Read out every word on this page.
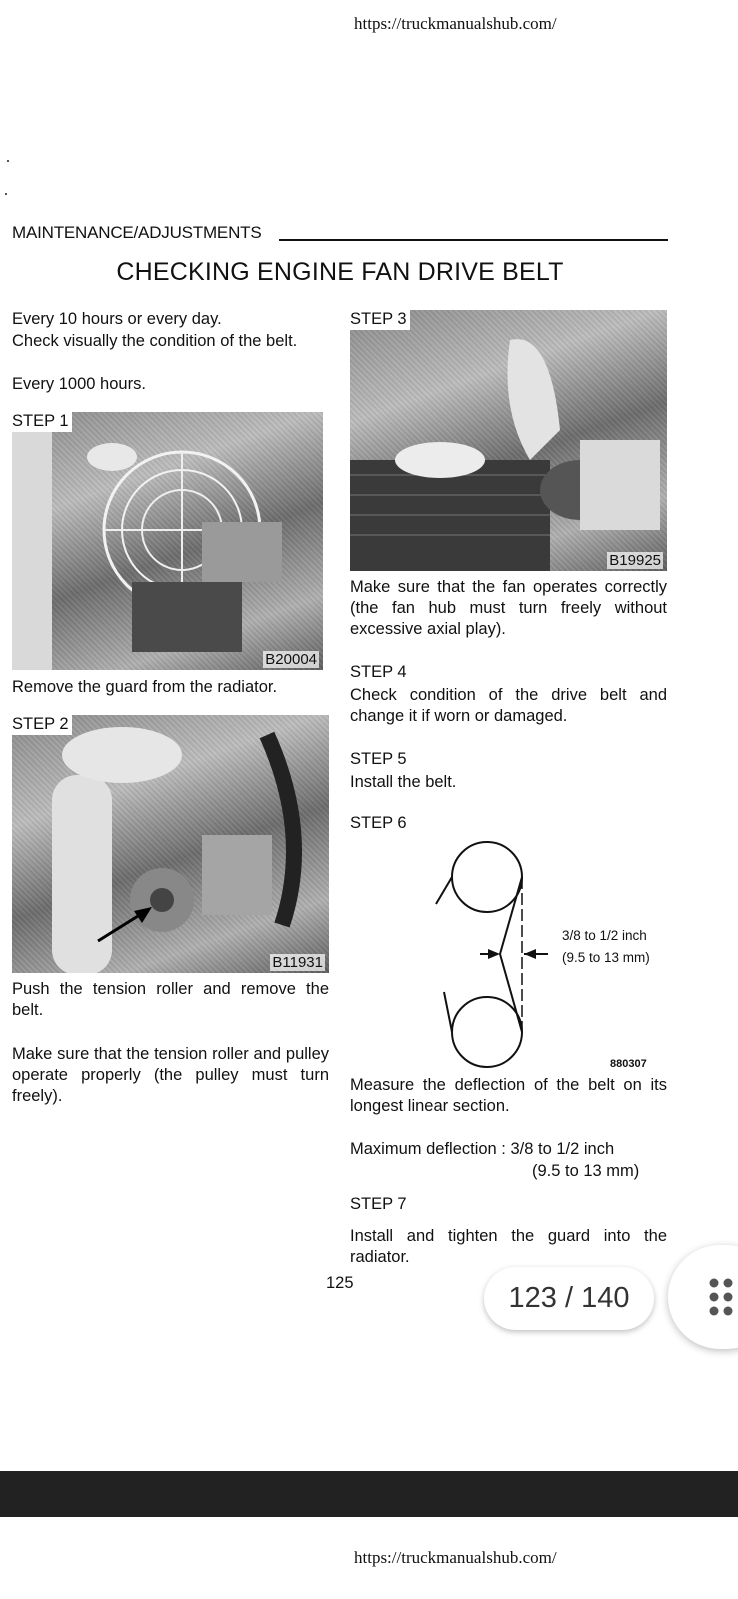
https://truckmanualshub.com/
MAINTENANCE/ADJUSTMENTS
CHECKING ENGINE FAN DRIVE BELT
Every 10 hours or every day.
Check visually the condition of the belt.
Every 1000 hours.
STEP 1
B20004
Remove the guard from the radiator.
STEP 2
B11931
Push the tension roller and remove the belt.
Make sure that the tension roller and pulley operate properly (the pulley must turn freely).
STEP 3
B19925
Make sure that the fan operates correctly (the fan hub must turn freely without excessive axial play).
STEP 4
Check condition of the drive belt and change it if worn or damaged.
STEP 5
Install the belt.
STEP 6
3/8 to 1/2 inch
(9.5 to 13 mm)
880307
Measure the deflection of the belt on its longest linear section.
Maximum deflection : 3/8 to 1/2 inch
(9.5 to 13 mm)
STEP 7
Install and tighten the guard into the radiator.
125	123 / 140
https://truckmanualshub.com/
